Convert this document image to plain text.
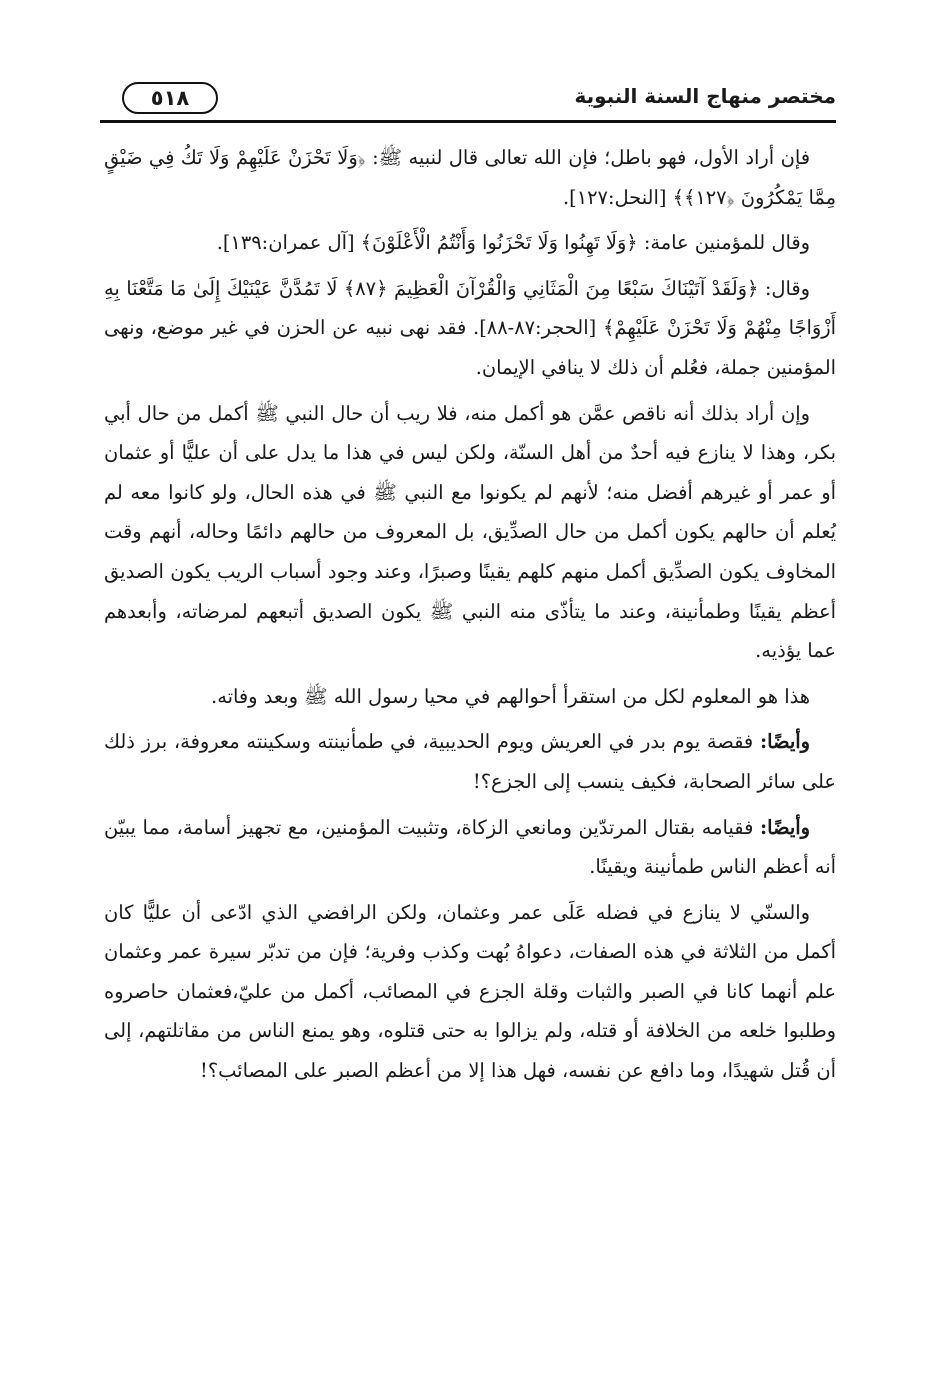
٥١٨	مختصر منهاج السنة النبوية

فإن أراد الأول، فهو باطل؛ فإن الله تعالى قال لنبيه ﷺ: ﴿وَلَا تَحْزَنْ عَلَيْهِمْ وَلَا تَكُ فِي ضَيْقٍ مِمَّا يَمْكُرُونَ ﴿١٢٧﴾﴾ [النحل:١٢٧].

وقال للمؤمنين عامة: ﴿وَلَا تَهِنُوا وَلَا تَحْزَنُوا وَأَنْتُمُ الْأَعْلَوْنَ﴾ [آل عمران:١٣٩].

وقال: ﴿وَلَقَدْ آتَيْنَاكَ سَبْعًا مِنَ الْمَثَانِي وَالْقُرْآنَ الْعَظِيمَ ﴿٨٧﴾ لَا تَمُدَّنَّ عَيْنَيْكَ إِلَىٰ مَا مَتَّعْنَا بِهِ أَزْوَاجًا مِنْهُمْ وَلَا تَحْزَنْ عَلَيْهِمْ﴾ [الحجر:٨٧-٨٨]. فقد نهى نبيه عن الحزن في غير موضع، ونهى المؤمنين جملة، فعُلم أن ذلك لا ينافي الإيمان.

وإن أراد بذلك أنه ناقص عمَّن هو أكمل منه، فلا ريب أن حال النبي ﷺ أكمل من حال أبي بكر، وهذا لا ينازع فيه أحدٌ من أهل السنّة، ولكن ليس في هذا ما يدل على أن عليًّا أو عثمان أو عمر أو غيرهم أفضل منه؛ لأنهم لم يكونوا مع النبي ﷺ في هذه الحال، ولو كانوا معه لم يُعلم أن حالهم يكون أكمل من حال الصدِّيق، بل المعروف من حالهم دائمًا وحاله، أنهم وقت المخاوف يكون الصدِّيق أكمل منهم كلهم يقينًا وصبرًا، وعند وجود أسباب الريب يكون الصديق أعظم يقينًا وطمأنينة، وعند ما يتأذّى منه النبي ﷺ يكون الصديق أتبعهم لمرضاته، وأبعدهم عما يؤذيه.

هذا هو المعلوم لكل من استقرأ أحوالهم في محيا رسول الله ﷺ وبعد وفاته.

وأيضًا: فقصة يوم بدر في العريش ويوم الحديبية، في طمأنينته وسكينته معروفة، برز ذلك على سائر الصحابة، فكيف ينسب إلى الجزع؟!

وأيضًا: فقيامه بقتال المرتدّين ومانعي الزكاة، وتثبيت المؤمنين، مع تجهيز أسامة، مما يبيّن أنه أعظم الناس طمأنينة ويقينًا.

والسنّي لا ينازع في فضله عَلَى عمر وعثمان، ولكن الرافضي الذي ادّعى أن عليًّا كان أكمل من الثلاثة في هذه الصفات، دعواهُ بُهت وكذب وفرية؛ فإن من تدبّر سيرة عمر وعثمان علم أنهما كانا في الصبر والثبات وقلة الجزع في المصائب، أكمل من عليّ،فعثمان حاصروه وطلبوا خلعه من الخلافة أو قتله، ولم يزالوا به حتى قتلوه، وهو يمنع الناس من مقاتلتهم، إلى أن قُتل شهيدًا، وما دافع عن نفسه، فهل هذا إلا من أعظم الصبر على المصائب؟!
